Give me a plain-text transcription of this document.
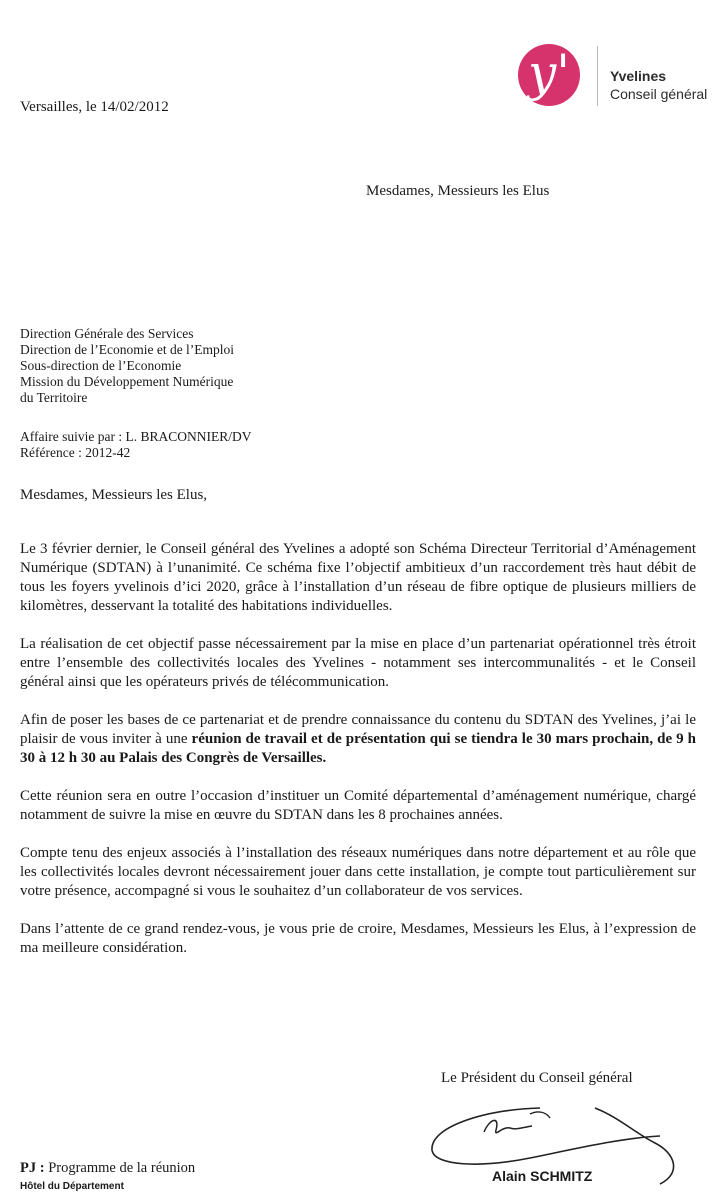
y'	Yvelines
Conseil général
Versailles, le 14/02/2012
Mesdames, Messieurs les Elus
Direction Générale des Services
Direction de l’Economie et de l’Emploi
Sous-direction de l’Economie
Mission du Développement Numérique
du Territoire
Affaire suivie par : L. BRACONNIER/DV
Référence : 2012-42
Mesdames, Messieurs les Elus,

Le 3 février dernier, le Conseil général des Yvelines a adopté son Schéma Directeur Territorial d’Aménagement Numérique (SDTAN) à l’unanimité. Ce schéma fixe l’objectif ambitieux d’un raccordement très haut débit de tous les foyers yvelinois d’ici 2020, grâce à l’installation d’un réseau de fibre optique de plusieurs milliers de kilomètres, desservant la totalité des habitations individuelles.

La réalisation de cet objectif passe nécessairement par la mise en place d’un partenariat opérationnel très étroit entre l’ensemble des collectivités locales des Yvelines - notamment ses intercommunalités - et le Conseil général ainsi que les opérateurs privés de télécommunication.

Afin de poser les bases de ce partenariat et de prendre connaissance du contenu du SDTAN des Yvelines, j’ai le plaisir de vous inviter à une réunion de travail et de présentation qui se tiendra le 30 mars prochain, de 9 h 30 à 12 h 30 au Palais des Congrès de Versailles.

Cette réunion sera en outre l’occasion d’instituer un Comité départemental d’aménagement numérique, chargé notamment de suivre la mise en œuvre du SDTAN dans les 8 prochaines années.

Compte tenu des enjeux associés à l’installation des réseaux numériques dans notre département et au rôle que les collectivités locales devront nécessairement jouer dans cette installation, je compte tout particulièrement sur votre présence, accompagné si vous le souhaitez d’un collaborateur de vos services.

Dans l’attente de ce grand rendez-vous, je vous prie de croire, Mesdames, Messieurs les Elus, à l’expression de ma meilleure considération.

Le Président du Conseil général
Alain SCHMITZ
PJ : Programme de la réunion
Hôtel du Département
